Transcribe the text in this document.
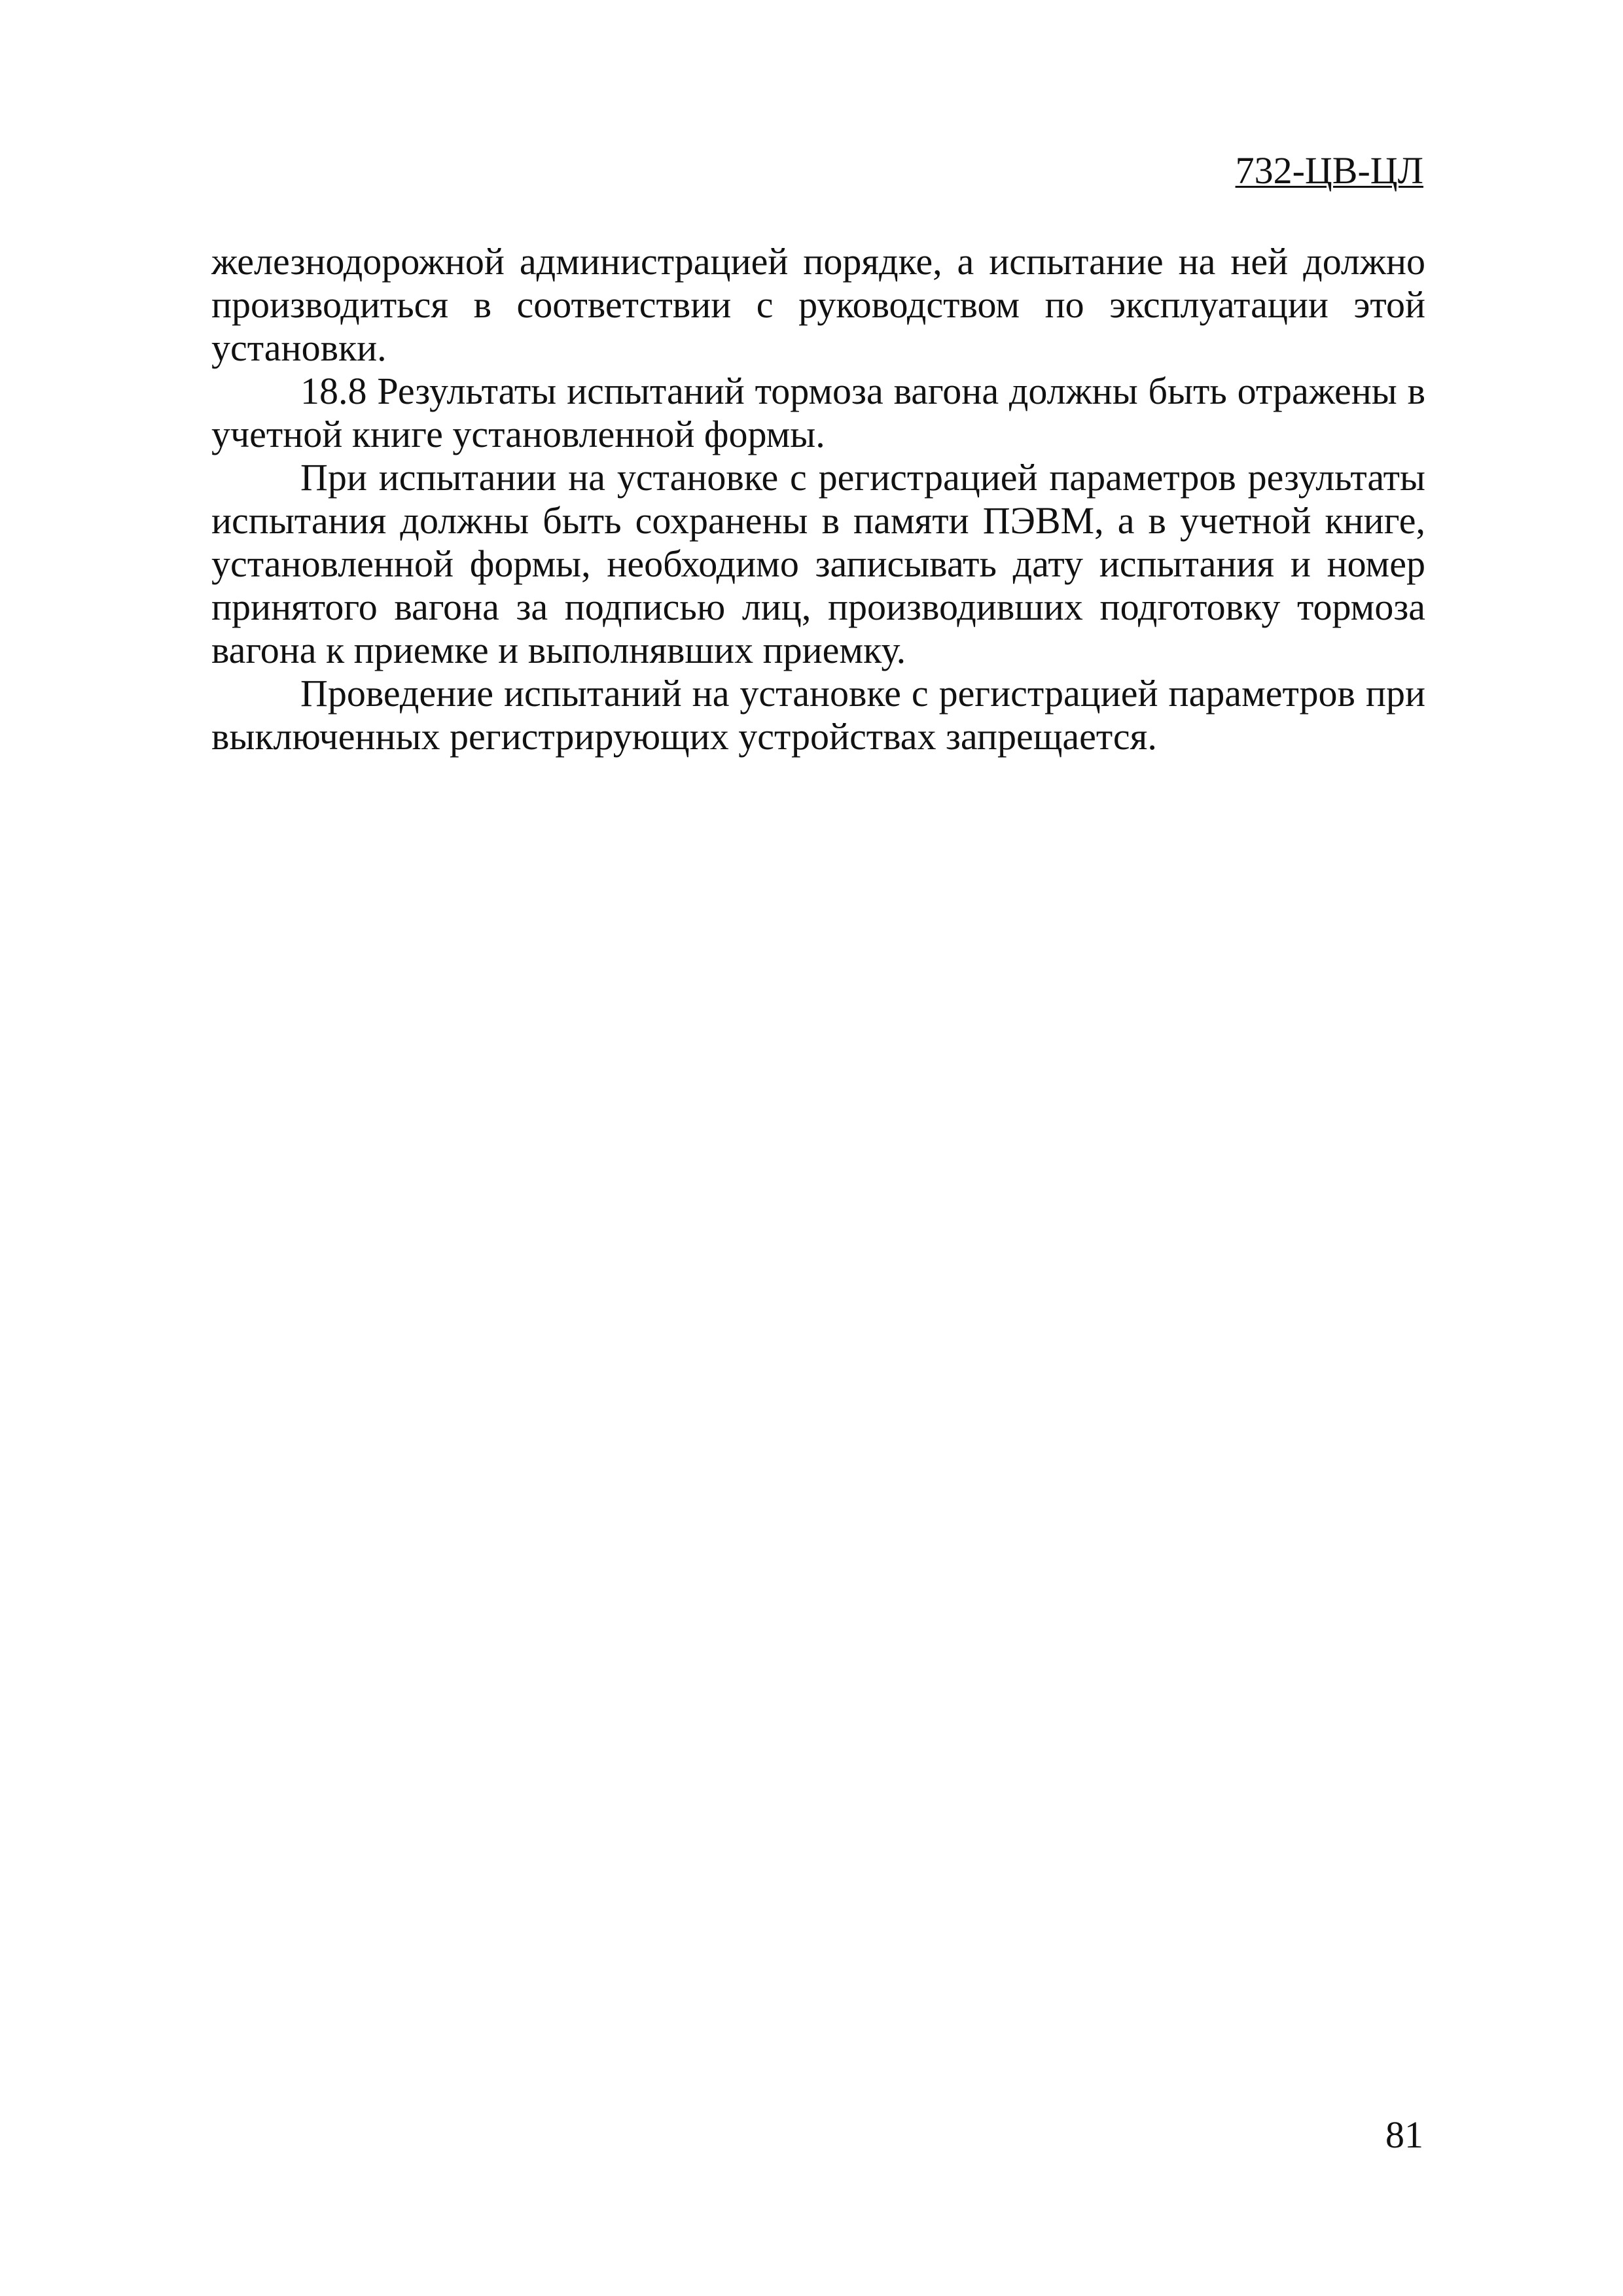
732-ЦВ-ЦЛ

железнодорожной администрацией порядке, а испытание на ней должно производиться в соответствии с руководством по эксплуатации этой установки.

18.8 Результаты испытаний тормоза вагона должны быть отражены в учетной книге установленной формы.

При испытании на установке с регистрацией параметров результаты испытания должны быть сохранены в памяти ПЭВМ, а в учетной книге, установленной формы, необходимо записывать дату испытания и номер принятого вагона за подписью лиц, производивших подготовку тормоза вагона к приемке и выполнявших приемку.

Проведение испытаний на установке с регистрацией параметров при выключенных регистрирующих устройствах запрещается.

81
